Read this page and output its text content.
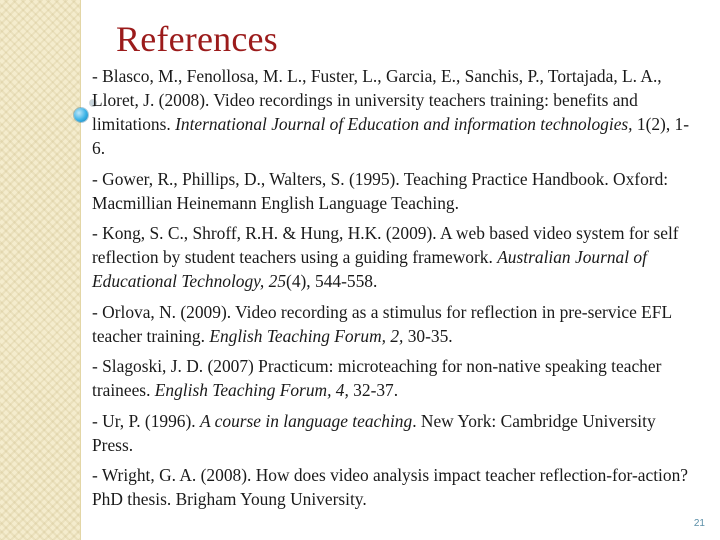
References

- Blasco, M., Fenollosa, M. L., Fuster, L., Garcia, E., Sanchis, P., Tortajada, L. A., Lloret, J. (2008). Video recordings in university teachers training: benefits and limitations. International Journal of Education and information technologies, 1(2), 1-6.

- Gower, R., Phillips, D., Walters, S. (1995). Teaching Practice Handbook. Oxford: Macmillian Heinemann English Language Teaching.

- Kong, S. C., Shroff, R.H. & Hung, H.K. (2009). A web based video system for self reflection by student teachers using a guiding framework. Australian Journal of Educational Technology, 25(4), 544-558.

- Orlova, N. (2009). Video recording as a stimulus for reflection in pre-service EFL teacher training. English Teaching Forum, 2, 30-35.

- Slagoski, J. D. (2007) Practicum: microteaching for non-native speaking teacher trainees. English Teaching Forum, 4, 32-37.

- Ur, P. (1996). A course in language teaching. New York: Cambridge University Press.

- Wright, G. A. (2008). How does video analysis impact teacher reflection-for-action? PhD thesis. Brigham Young University.

21
